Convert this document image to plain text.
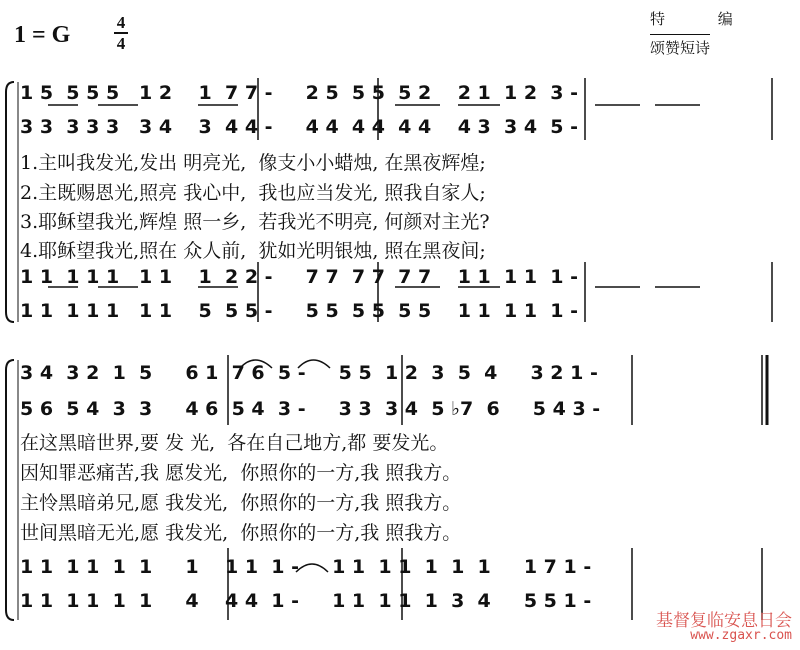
1 = G	4
4
特 编
颂赞短诗
1 5  5 5 5   1 2    1  7 7 -     2 5  5 5  5 2    2 1  1 2  3 -
3 3  3 3 3   3 4    3  4 4 -     4 4  4 4  4 4    4 3  3 4  5 -
1.主叫我发光,发出 明亮光,  像支小小蜡烛, 在黑夜辉煌;
2.主既赐恩光,照亮 我心中,  我也应当发光, 照我自家人;
3.耶稣望我光,辉煌 照一乡,  若我光不明亮, 何颜对主光?
4.耶稣望我光,照在 众人前,  犹如光明银烛, 照在黑夜间;
1 1  1 1 1   1 1    1  2 2 -     7 7  7 7  7 7    1 1  1 1  1 -
1 1  1 1 1   1 1    5  5 5 -     5 5  5 5  5 5    1 1  1 1  1 -
3 4  3 2  1  5     6 1  7 6  5 -     5 5  1 2  3  5  4     3 2 1 -
5 6  5 4  3  3     4 6  5 4  3 -     3 3  3 4  5 ♭7  6     5 4 3 -
在这黑暗世界,要 发 光,  各在自己地方,都 要发光。
因知罪恶痛苦,我 愿发光,  你照你的一方,我 照我方。
主怜黑暗弟兄,愿 我发光,  你照你的一方,我 照我方。
世间黑暗无光,愿 我发光,  你照你的一方,我 照我方。
1 1  1 1  1  1     1    1 1  1 -     1 1  1 1  1  1  1     1 7 1 -
1 1  1 1  1  1     4    4 4  1 -     1 1  1 1  1  3  4     5 5 1 -
基督复临安息日会
www.zgaxr.com
